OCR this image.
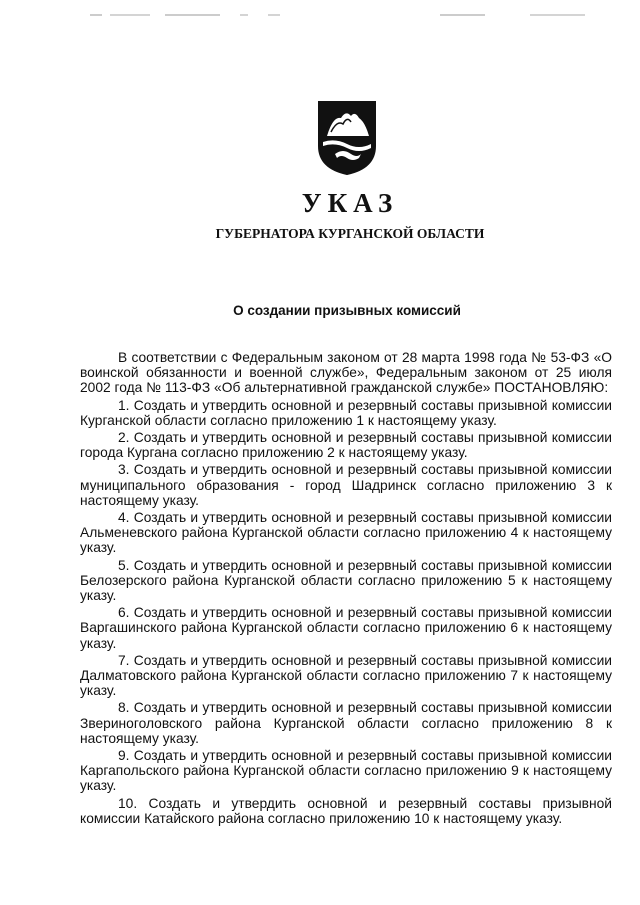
УКАЗ
ГУБЕРНАТОРА КУРГАНСКОЙ ОБЛАСТИ
О создании призывных комиссий

В соответствии с Федеральным законом от 28 марта 1998 года № 53-ФЗ «О воинской обязанности и военной службе», Федеральным законом от 25 июля 2002 года № 113-ФЗ «Об альтернативной гражданской службе» ПОСТАНОВЛЯЮ:

1. Создать и утвердить основной и резервный составы призывной комиссии Курганской области согласно приложению 1 к настоящему указу.

2. Создать и утвердить основной и резервный составы призывной комиссии города Кургана согласно приложению 2 к настоящему указу.

3. Создать и утвердить основной и резервный составы призывной комиссии муниципального образования - город Шадринск согласно приложению 3 к настоящему указу.

4. Создать и утвердить основной и резервный составы призывной комиссии Альменевского района Курганской области согласно приложению 4 к настоящему указу.

5. Создать и утвердить основной и резервный составы призывной комиссии Белозерского района Курганской области согласно приложению 5 к настоящему указу.

6. Создать и утвердить основной и резервный составы призывной комиссии Варгашинского района Курганской области согласно приложению 6 к настоящему указу.

7. Создать и утвердить основной и резервный составы призывной комиссии Далматовского района Курганской области согласно приложению 7 к настоящему указу.

8. Создать и утвердить основной и резервный составы призывной комиссии Звериноголовского района Курганской области согласно приложению 8 к настоящему указу.

9. Создать и утвердить основной и резервный составы призывной комиссии Каргапольского района Курганской области согласно приложению 9 к настоящему указу.

10. Создать и утвердить основной и резервный составы призывной комиссии Катайского района согласно приложению 10 к настоящему указу.
